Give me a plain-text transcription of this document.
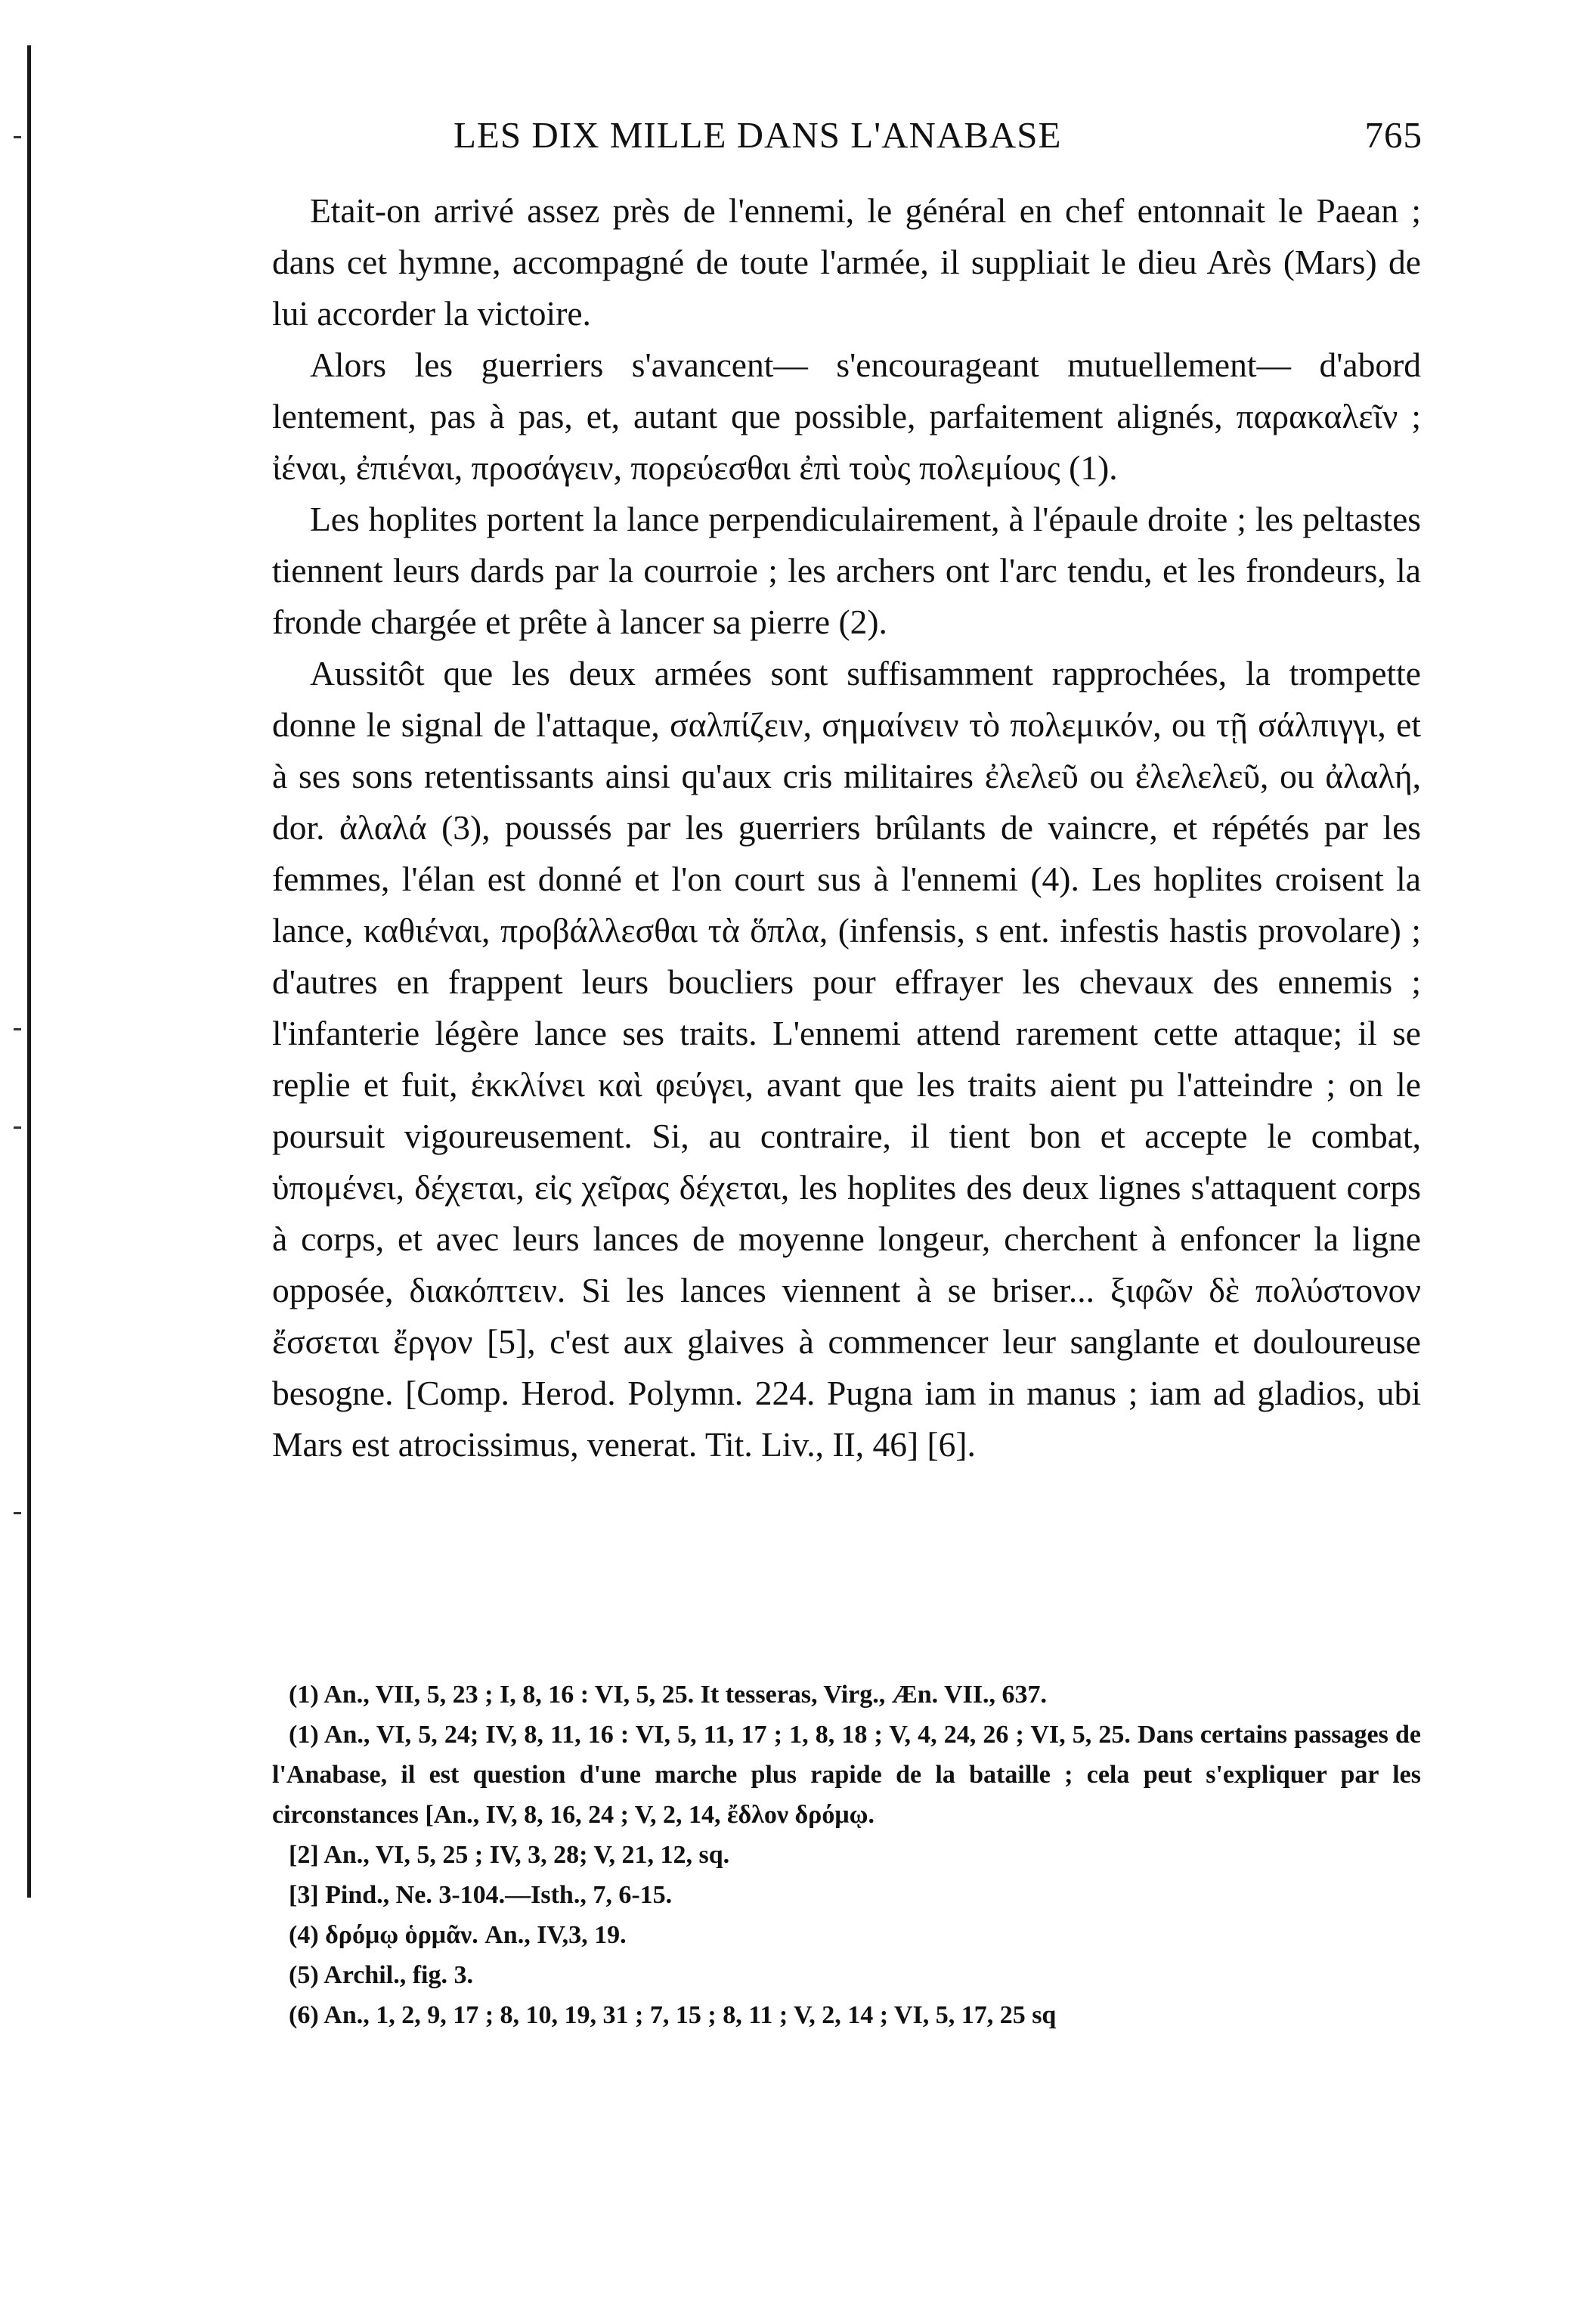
LES DIX MILLE DANS L'ANABASE	765

Etait-on arrivé assez près de l'ennemi, le général en chef entonnait le Paean ; dans cet hymne, accompagné de toute l'armée, il suppliait le dieu Arès (Mars) de lui accorder la victoire.

Alors les guerriers s'avancent— s'encourageant mutuellement— d'abord lentement, pas à pas, et, autant que possible, parfaitement alignés, παρακαλεῖν ; ἰέναι, ἐπιέναι, προσάγειν, πορεύεσθαι ἐπὶ τοὺς πολεμίους (1).

Les hoplites portent la lance perpendiculairement, à l'épaule droite ; les peltastes tiennent leurs dards par la courroie ; les archers ont l'arc tendu, et les frondeurs, la fronde chargée et prête à lancer sa pierre (2).

Aussitôt que les deux armées sont suffisamment rapprochées, la trompette donne le signal de l'attaque, σαλπίζειν, σημαίνειν τὸ πολεμικόν, ou τῇ σάλπιγγι, et à ses sons retentissants ainsi qu'aux cris militaires ἐλελεῦ ou ἐλελελεῦ, ou ἀλαλή, dor. ἀλαλά (3), poussés par les guerriers brûlants de vaincre, et répétés par les femmes, l'élan est donné et l'on court sus à l'ennemi (4). Les hoplites croisent la lance, καθιέναι, προβάλλεσθαι τὰ ὅπλα, (infensis, s ent. infestis hastis provolare) ; d'autres en frappent leurs boucliers pour effrayer les chevaux des ennemis ; l'infanterie légère lance ses traits. L'ennemi attend rarement cette attaque; il se replie et fuit, ἐκκλίνει καὶ φεύγει, avant que les traits aient pu l'atteindre ; on le poursuit vigoureusement. Si, au contraire, il tient bon et accepte le combat, ὑπομένει, δέχεται, εἰς χεῖρας δέχεται, les hoplites des deux lignes s'attaquent corps à corps, et avec leurs lances de moyenne longeur, cherchent à enfoncer la ligne opposée, διακόπτειν. Si les lances viennent à se briser... ξιφῶν δὲ πολύστονον ἔσσεται ἔργον [5], c'est aux glaives à commencer leur sanglante et douloureuse besogne. [Comp. Herod. Polymn. 224. Pugna iam in manus ; iam ad gladios, ubi Mars est atrocissimus, venerat. Tit. Liv., II, 46] [6].

(1) An., VII, 5, 23 ; I, 8, 16 : VI, 5, 25. It tesseras, Virg., Æn. VII., 637.

(1) An., VI, 5, 24; IV, 8, 11, 16 : VI, 5, 11, 17 ; 1, 8, 18 ; V, 4, 24, 26 ; VI, 5, 25. Dans certains passages de l'Anabase, il est question d'une marche plus rapide de la bataille ; cela peut s'expliquer par les circonstances [An., IV, 8, 16, 24 ; V, 2, 14, ἔδλον δρόμῳ.

[2] An., VI, 5, 25 ; IV, 3, 28; V, 21, 12, sq.

[3] Pind., Ne. 3-104.—Isth., 7, 6-15.

(4) δρόμῳ ὁρμᾶν. An., IV,3, 19.

(5) Archil., fig. 3.

(6) An., 1, 2, 9, 17 ; 8, 10, 19, 31 ; 7, 15 ; 8, 11 ; V, 2, 14 ; VI, 5, 17, 25 sq
